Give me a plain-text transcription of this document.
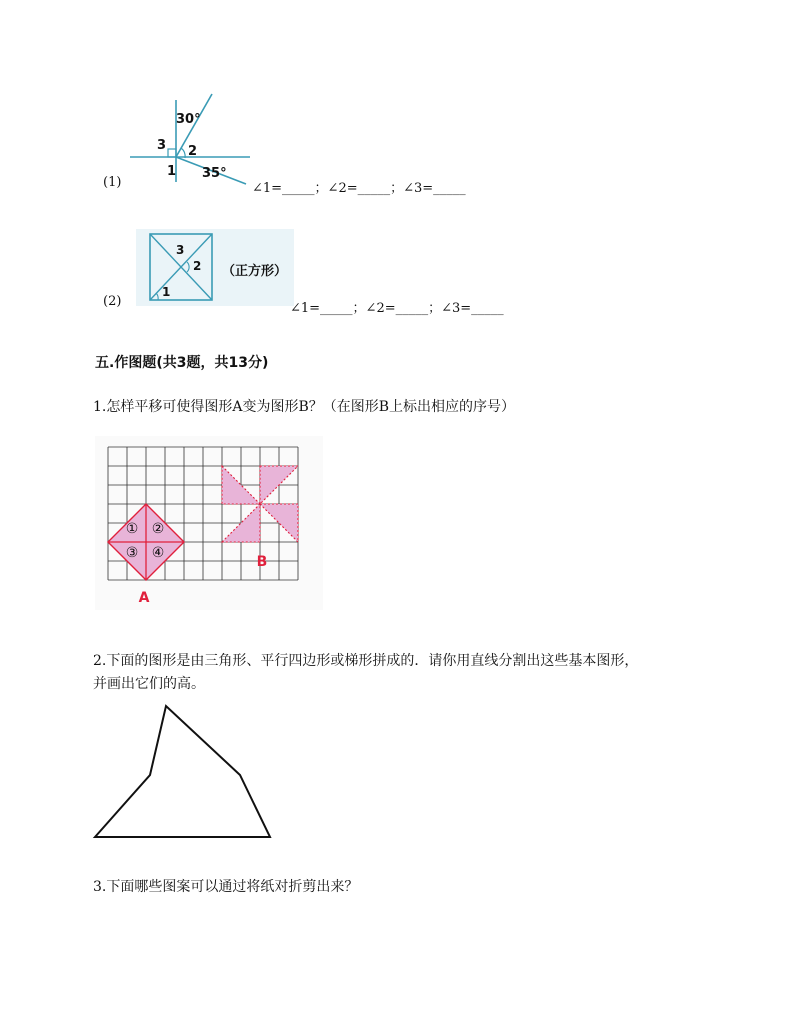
30°
35°
3 2
1
(1)	∠1=_____；∠2=_____；∠3=_____
3
2
1
（正方形）
(2)	∠1=_____；∠2=_____；∠3=_____
五.作图题(共3题，共13分)
1.怎样平移可使得图形A变为图形B？（在图形B上标出相应的序号）
① ②
③ ④
A
B
2.下面的图形是由三角形、平行四边形或梯形拼成的．请你用直线分割出这些基本图形，
并画出它们的高。
3.下面哪些图案可以通过将纸对折剪出来？
